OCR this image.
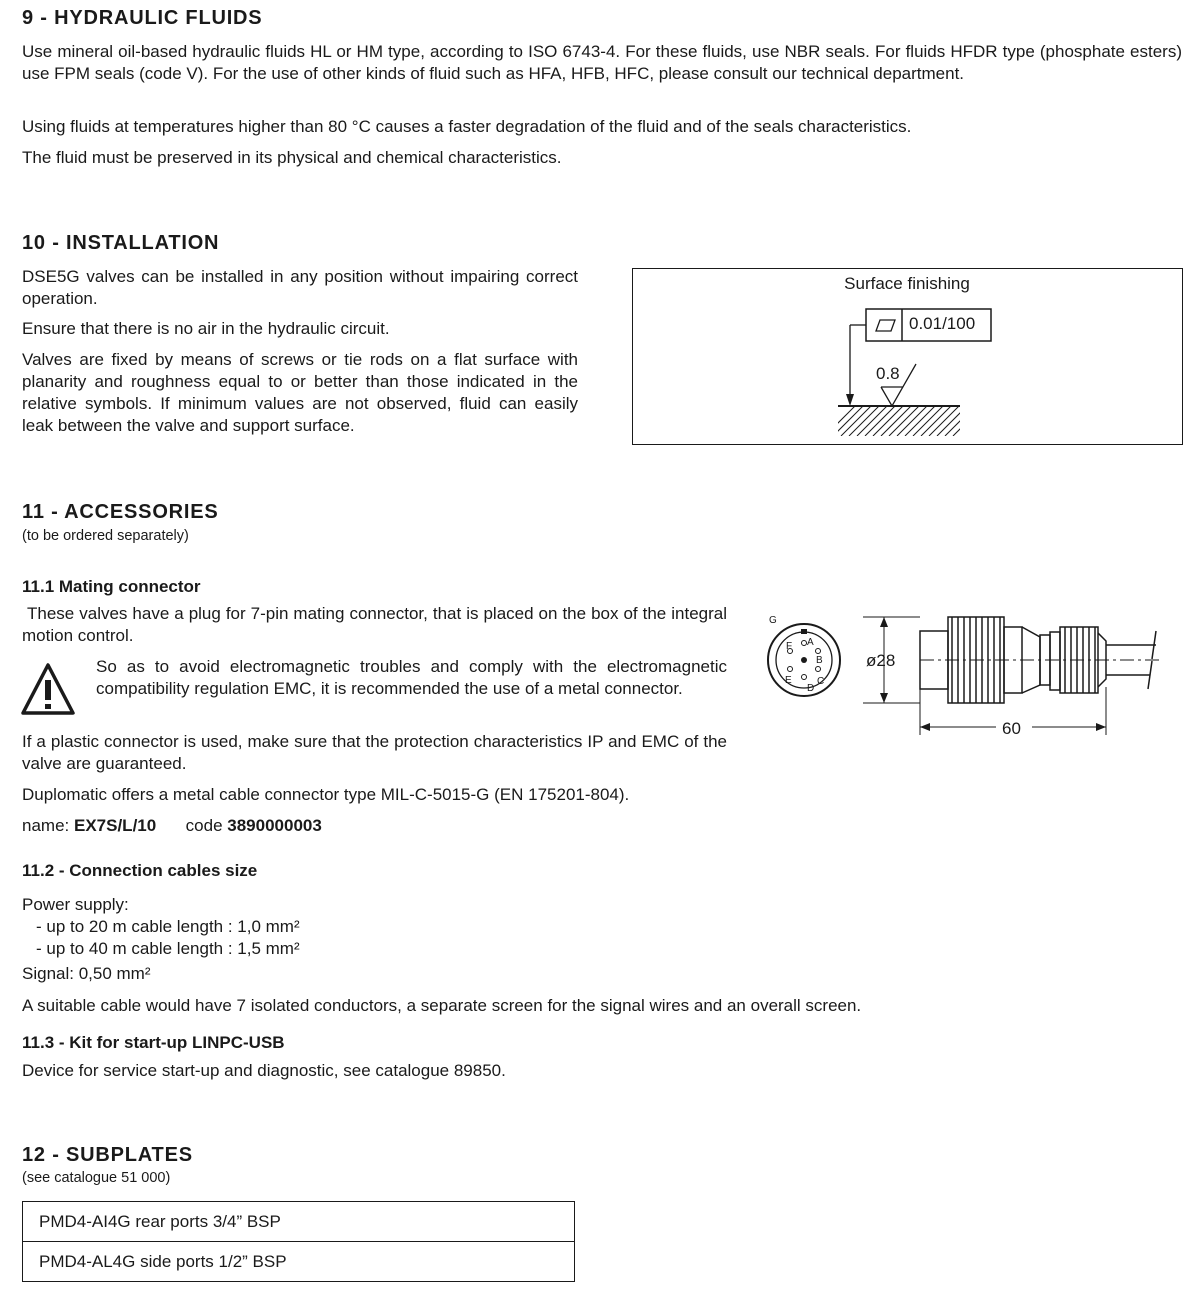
9 - HYDRAULIC FLUIDS
Use mineral oil-based hydraulic fluids HL or HM type, according to ISO 6743-4. For these fluids, use NBR seals. For fluids HFDR type (phosphate esters) use FPM seals (code V). For the use of other kinds of fluid such as HFA, HFB, HFC, please consult our technical department.
Using fluids at temperatures higher than 80 °C causes a faster degradation of the fluid and of the seals characteristics.
The fluid must be preserved in its physical and chemical characteristics.
10 - INSTALLATION
DSE5G valves can be installed in any position without impairing correct operation.
Ensure that there is no air in the hydraulic circuit.
Valves are fixed by means of screws or tie rods on a flat surface with planarity and roughness equal to or better than those indicated in the relative symbols. If minimum values are not observed, fluid can easily leak between the valve and support surface.
Surface finishing
0.01/100
0.8
11 - ACCESSORIES
(to be ordered separately)
11.1 Mating connector
These valves have a plug for 7-pin mating connector, that is placed on the box of the integral motion control.
So as to avoid electromagnetic troubles and comply with the electromagnetic compatibility regulation EMC, it is recommended the use of a metal connector.
If a plastic connector is used, make sure that the protection characteristics IP and EMC of the valve are guaranteed.
Duplomatic offers a metal cable connector type MIL-C-5015-G (EN 175201-804).
name: EX7S/L/10 code 3890000003
G
A
B
C
D
E
F
ø28
60
11.2 - Connection cables size
Power supply:
- up to 20 m cable length : 1,0 mm²
- up to 40 m cable length : 1,5 mm²
Signal: 0,50 mm²
A suitable cable would have 7 isolated conductors, a separate screen for the signal wires and an overall screen.
11.3 - Kit for start-up LINPC-USB
Device for service start-up and diagnostic, see catalogue 89850.
12 - SUBPLATES
(see catalogue 51 000)
PMD4-AI4G rear ports 3/4” BSP
PMD4-AL4G side ports 1/2” BSP
